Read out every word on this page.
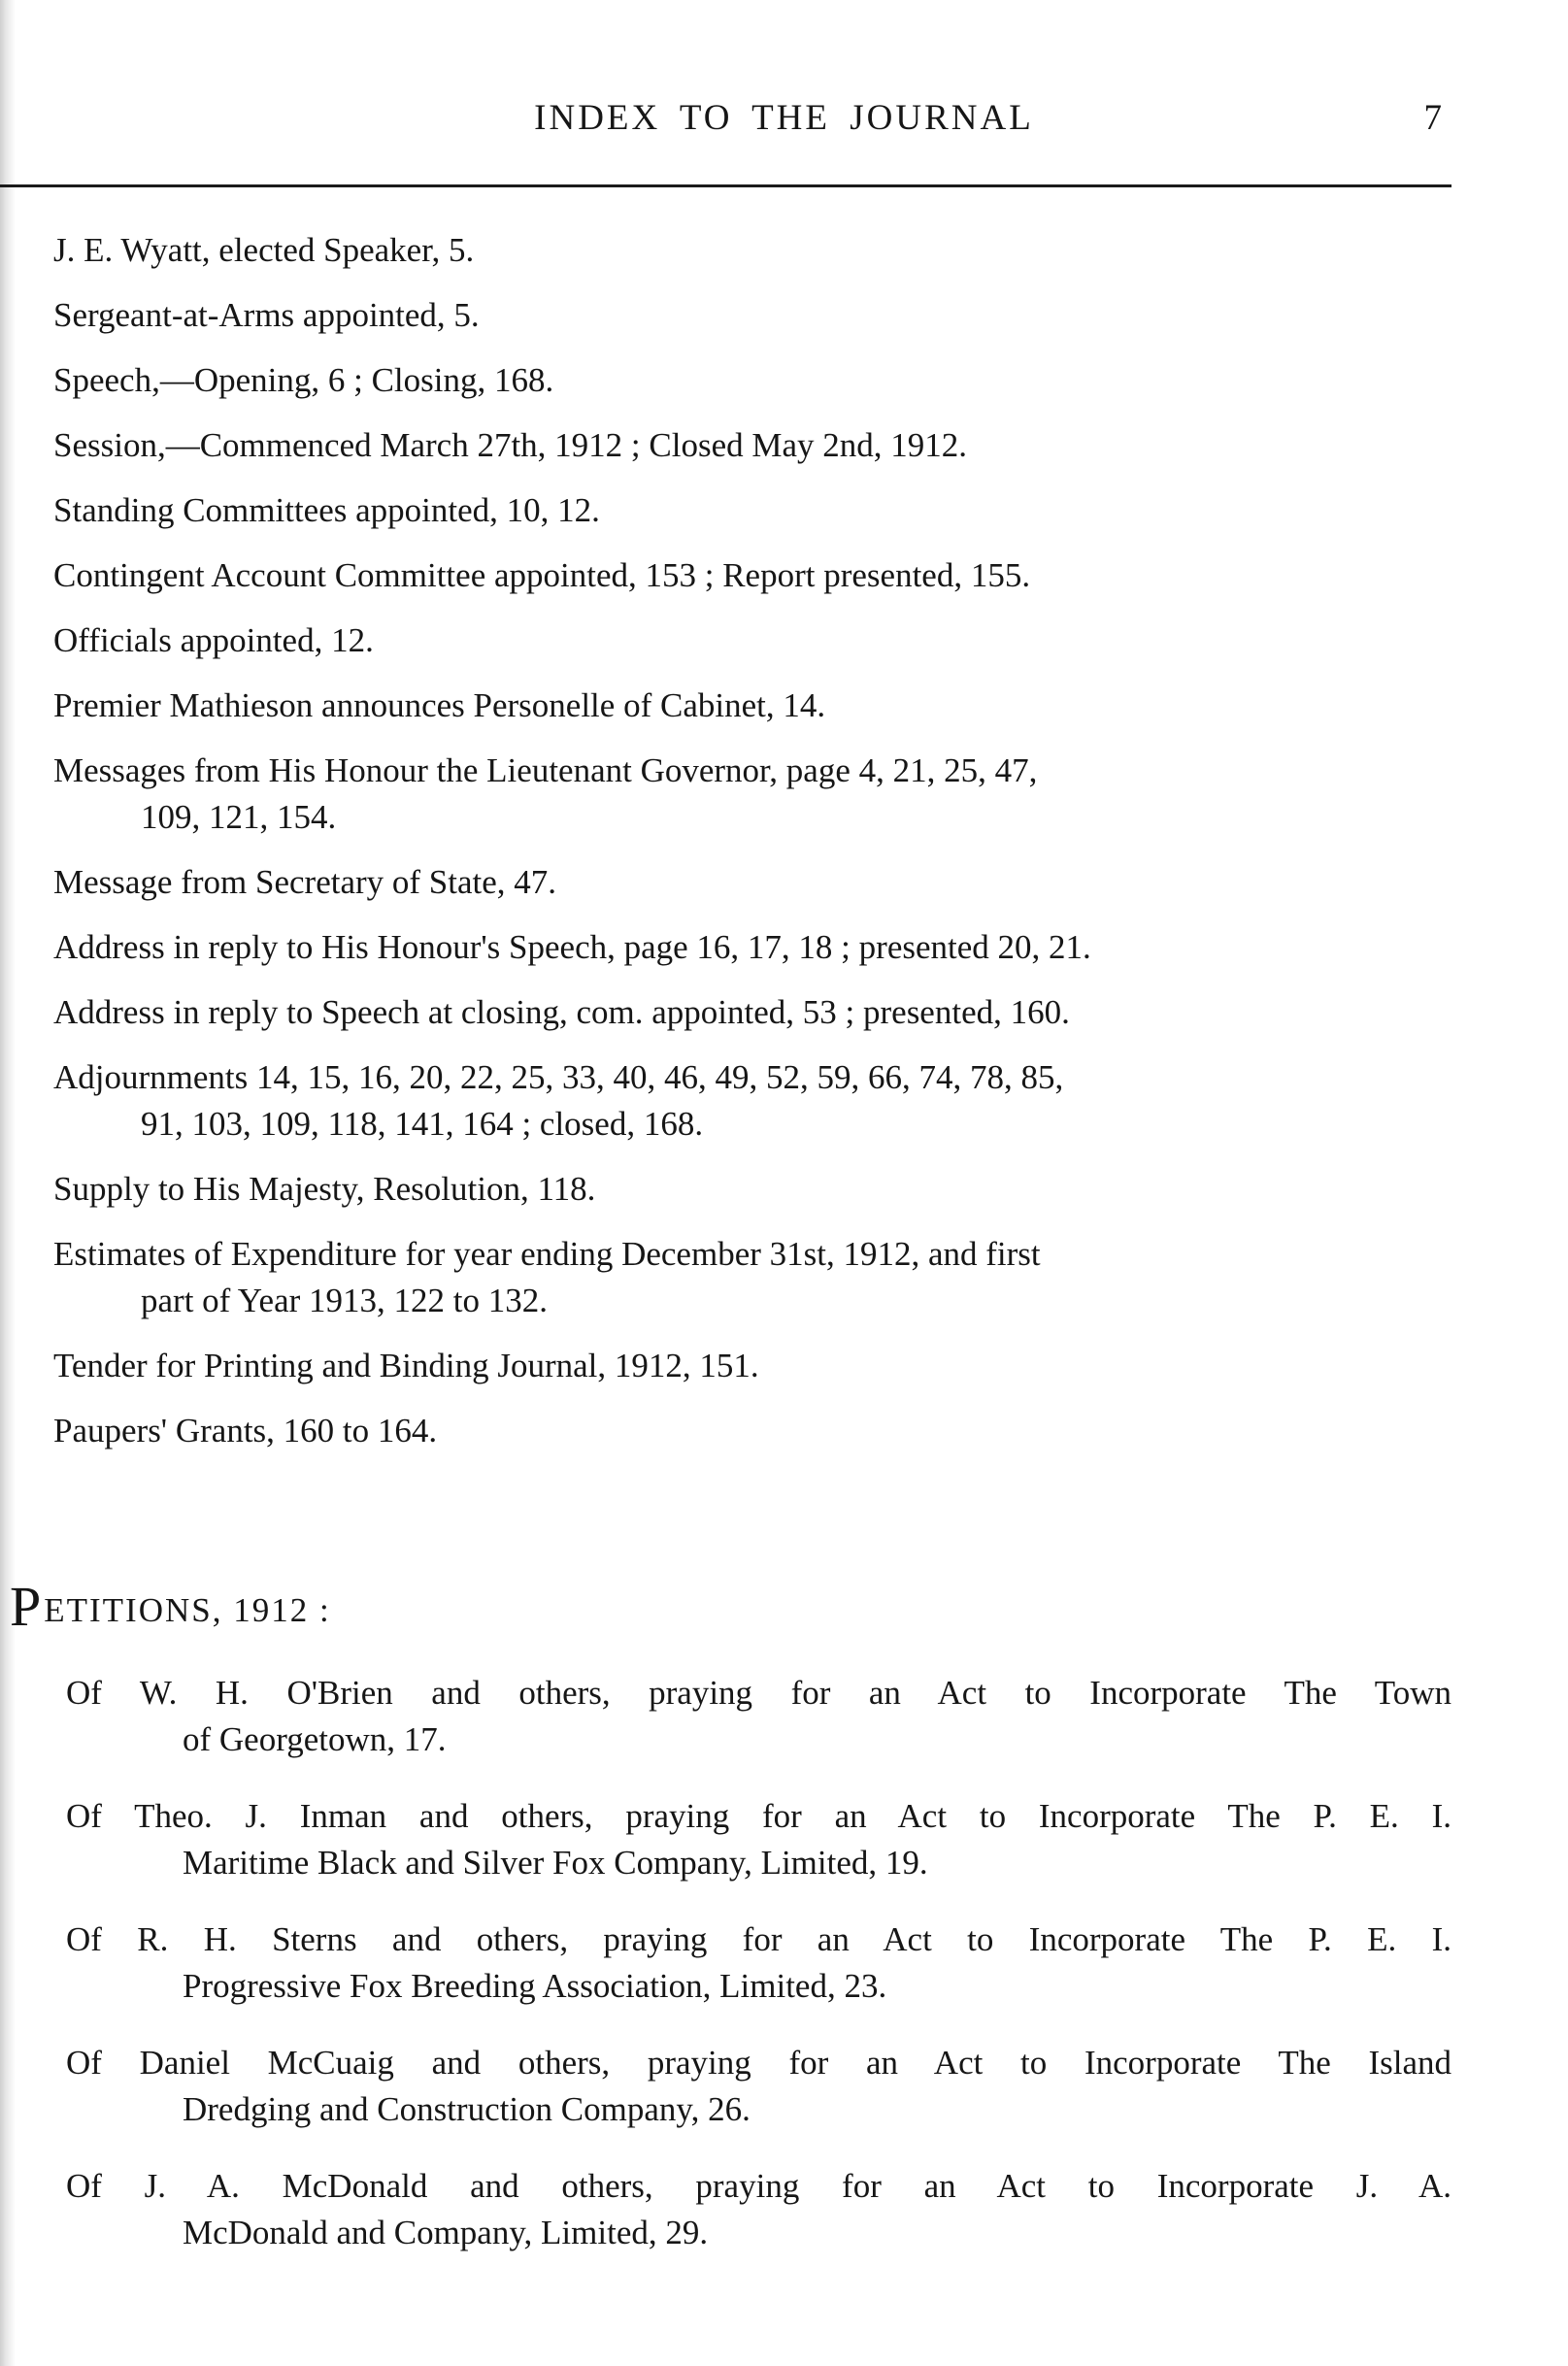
INDEX TO THE JOURNAL	7

J. E. Wyatt, elected Speaker, 5.

Sergeant-at-Arms appointed, 5.

Speech,—Opening, 6 ; Closing, 168.

Session,—Commenced March 27th, 1912 ; Closed May 2nd, 1912.

Standing Committees appointed, 10, 12.

Contingent Account Committee appointed, 153 ; Report presented, 155.

Officials appointed, 12.

Premier Mathieson announces Personelle of Cabinet, 14.

Messages from His Honour the Lieutenant Governor, page 4, 21, 25, 47,
109, 121, 154.

Message from Secretary of State, 47.

Address in reply to His Honour's Speech, page 16, 17, 18 ; presented 20, 21.

Address in reply to Speech at closing, com. appointed, 53 ; presented, 160.

Adjournments 14, 15, 16, 20, 22, 25, 33, 40, 46, 49, 52, 59, 66, 74, 78, 85,
91, 103, 109, 118, 141, 164 ; closed, 168.

Supply to His Majesty, Resolution, 118.

Estimates of Expenditure for year ending December 31st, 1912, and first
part of Year 1913, 122 to 132.

Tender for Printing and Binding Journal, 1912, 151.

Paupers' Grants, 160 to 164.

PETITIONS, 1912 :

Of W. H. O'Brien and others, praying for an Act to Incorporate The Town
of Georgetown, 17.

Of Theo. J. Inman and others, praying for an Act to Incorporate The P. E. I.
Maritime Black and Silver Fox Company, Limited, 19.

Of R. H. Sterns and others, praying for an Act to Incorporate The P. E. I.
Progressive Fox Breeding Association, Limited, 23.

Of Daniel McCuaig and others, praying for an Act to Incorporate The Island
Dredging and Construction Company, 26.

Of J. A. McDonald and others, praying for an Act to Incorporate J. A.
McDonald and Company, Limited, 29.
